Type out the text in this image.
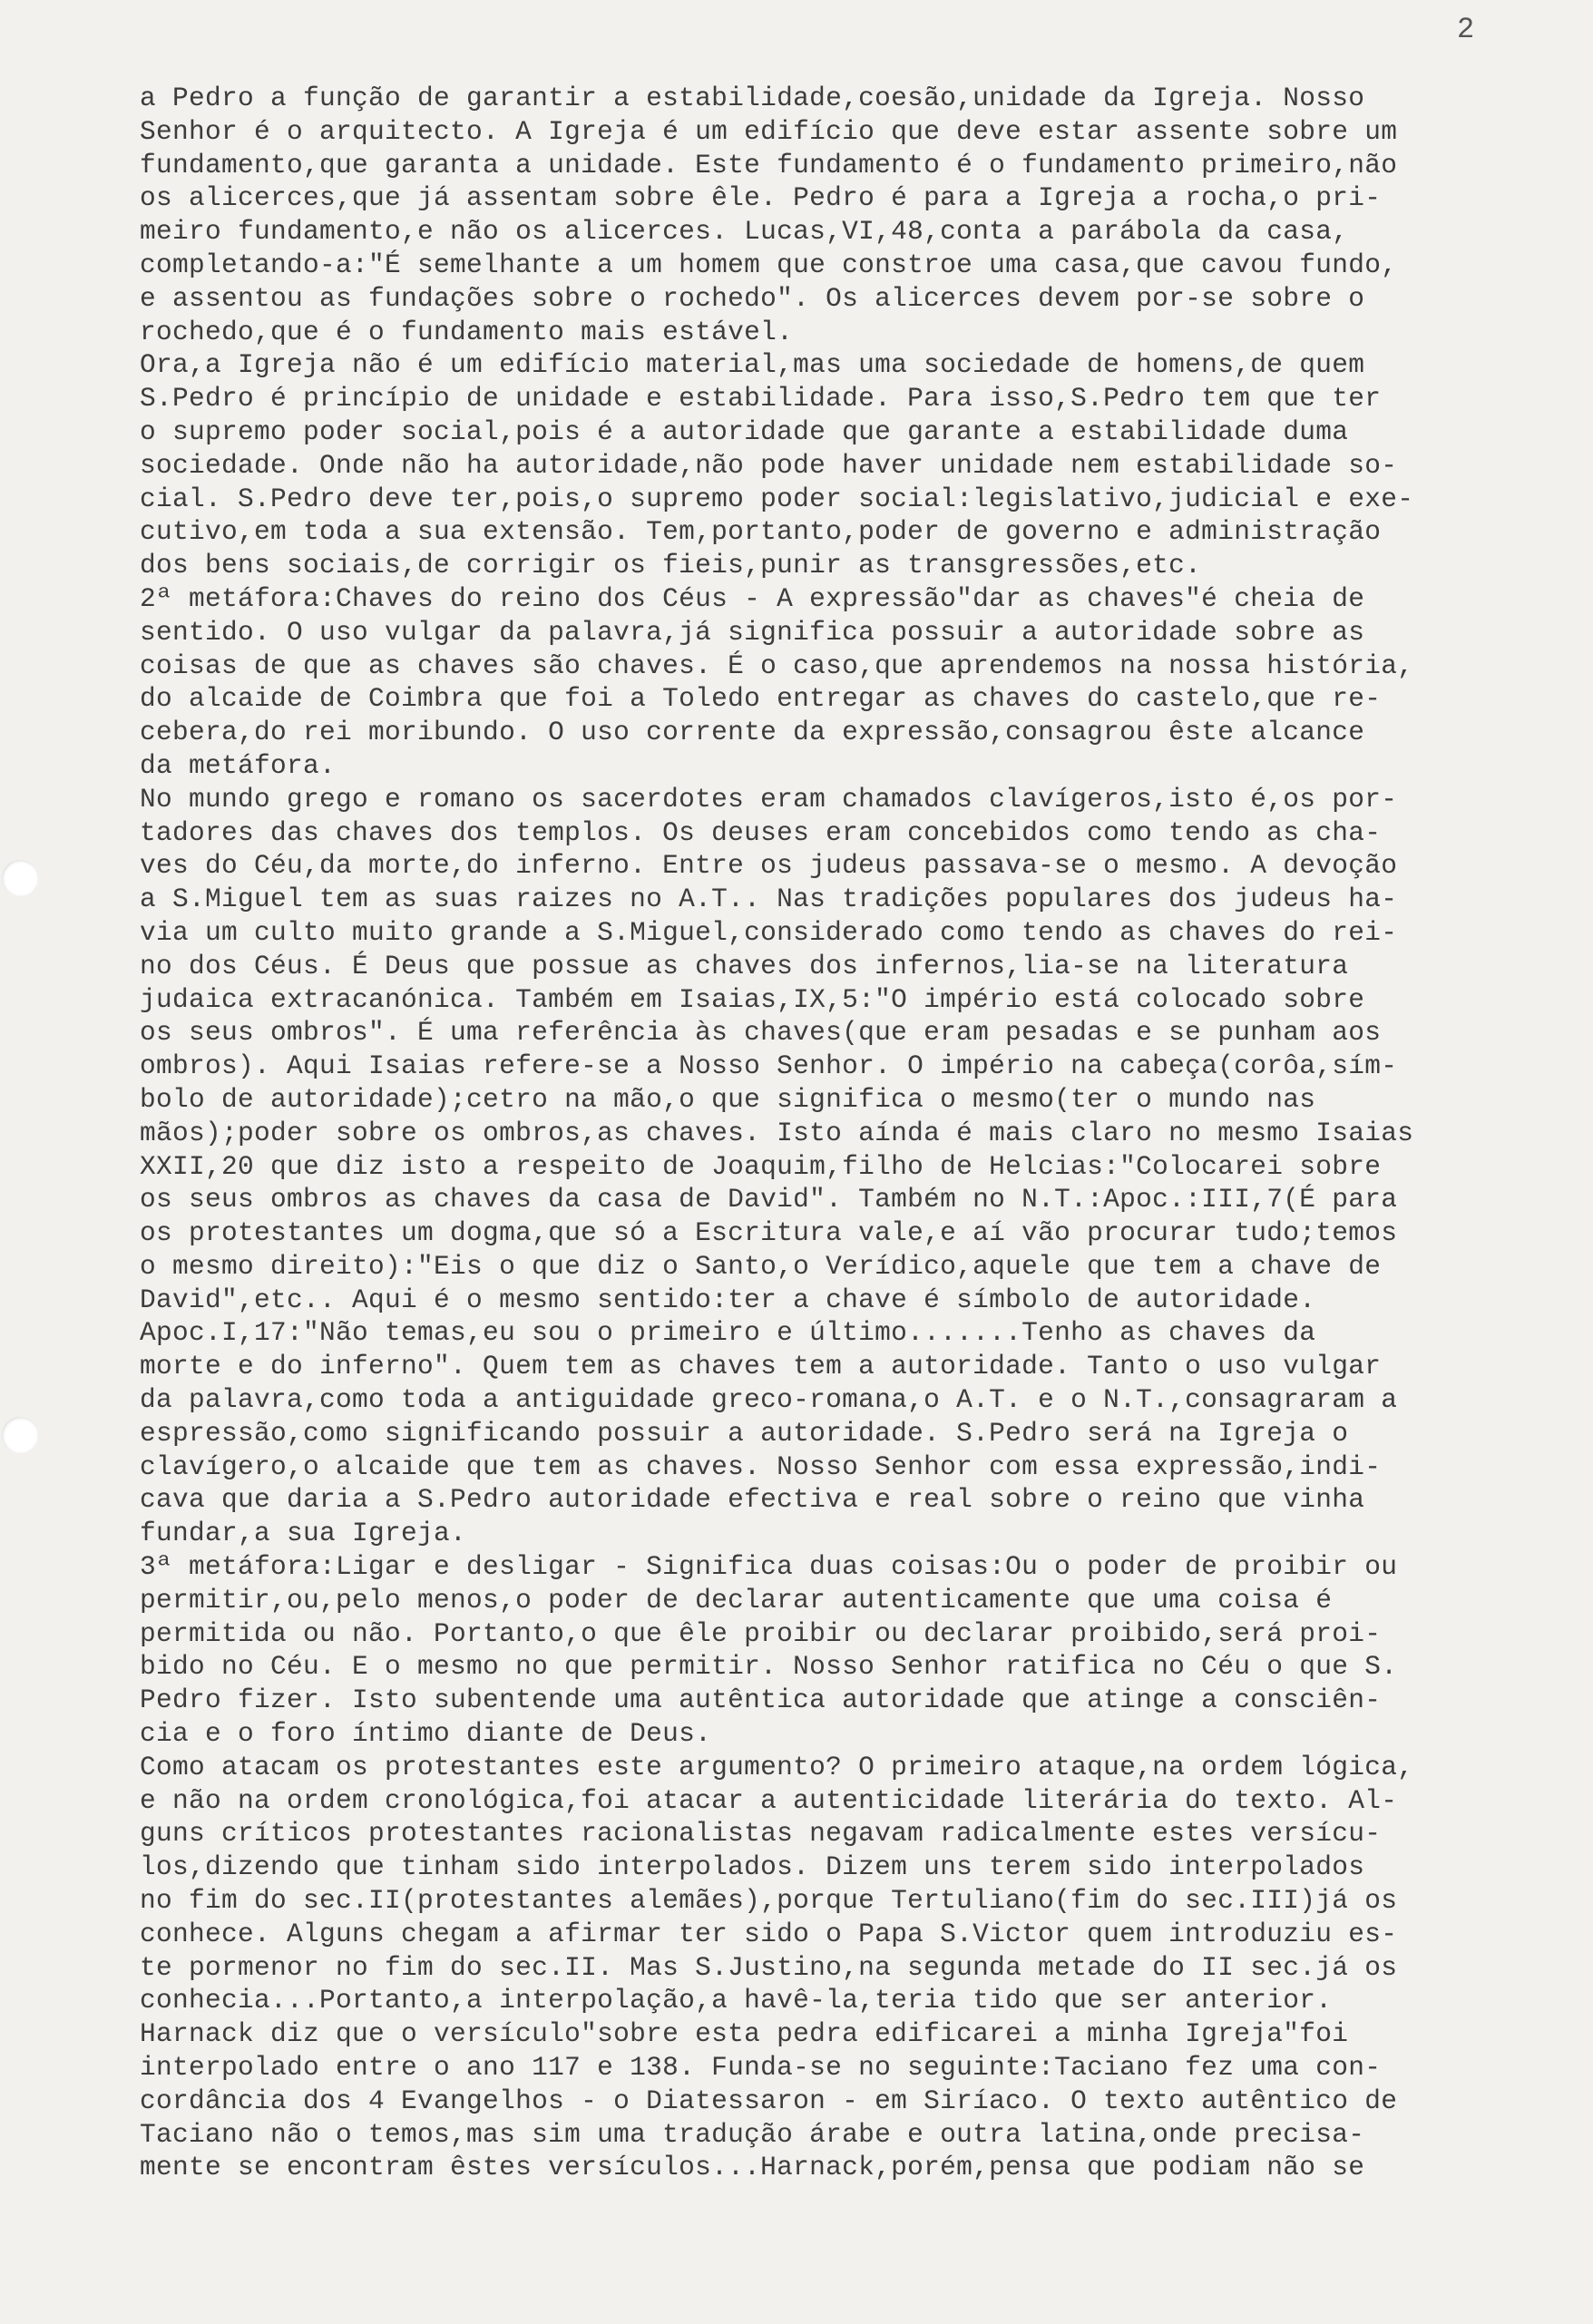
2
a Pedro a função de garantir a estabilidade,coesão,unidade da Igreja. Nosso
Senhor é o arquitecto. A Igreja é um edifício que deve estar assente sobre um
fundamento,que garanta a unidade. Este fundamento é o fundamento primeiro,não
os alicerces,que já assentam sobre êle. Pedro é para a Igreja a rocha,o pri-
meiro fundamento,e não os alicerces. Lucas,VI,48,conta a parábola da casa,
completando-a:"É semelhante a um homem que constroe uma casa,que cavou fundo,
e assentou as fundações sobre o rochedo". Os alicerces devem por-se sobre o
rochedo,que é o fundamento mais estável.
Ora,a Igreja não é um edifício material,mas uma sociedade de homens,de quem
S.Pedro é princípio de unidade e estabilidade. Para isso,S.Pedro tem que ter
o supremo poder social,pois é a autoridade que garante a estabilidade duma
sociedade. Onde não ha autoridade,não pode haver unidade nem estabilidade so-
cial. S.Pedro deve ter,pois,o supremo poder social:legislativo,judicial e exe-
cutivo,em toda a sua extensão. Tem,portanto,poder de governo e administração
dos bens sociais,de corrigir os fieis,punir as transgressões,etc.
2ª metáfora:Chaves do reino dos Céus - A expressão"dar as chaves"é cheia de
sentido. O uso vulgar da palavra,já significa possuir a autoridade sobre as
coisas de que as chaves são chaves. É o caso,que aprendemos na nossa história,
do alcaide de Coimbra que foi a Toledo entregar as chaves do castelo,que re-
cebera,do rei moribundo. O uso corrente da expressão,consagrou êste alcance
da metáfora.
No mundo grego e romano os sacerdotes eram chamados clavígeros,isto é,os por-
tadores das chaves dos templos. Os deuses eram concebidos como tendo as cha-
ves do Céu,da morte,do inferno. Entre os judeus passava-se o mesmo. A devoção
a S.Miguel tem as suas raizes no A.T.. Nas tradições populares dos judeus ha-
via um culto muito grande a S.Miguel,considerado como tendo as chaves do rei-
no dos Céus. É Deus que possue as chaves dos infernos,lia-se na literatura
judaica extracanónica. Também em Isaias,IX,5:"O império está colocado sobre
os seus ombros". É uma referência às chaves(que eram pesadas e se punham aos
ombros). Aqui Isaias refere-se a Nosso Senhor. O império na cabeça(corôa,sím-
bolo de autoridade);cetro na mão,o que significa o mesmo(ter o mundo nas
mãos);poder sobre os ombros,as chaves. Isto aínda é mais claro no mesmo Isaias
XXII,20 que diz isto a respeito de Joaquim,filho de Helcias:"Colocarei sobre
os seus ombros as chaves da casa de David". Também no N.T.:Apoc.:III,7(É para
os protestantes um dogma,que só a Escritura vale,e aí vão procurar tudo;temos
o mesmo direito):"Eis o que diz o Santo,o Verídico,aquele que tem a chave de
David",etc.. Aqui é o mesmo sentido:ter a chave é símbolo de autoridade.
Apoc.I,17:"Não temas,eu sou o primeiro e último.......Tenho as chaves da
morte e do inferno". Quem tem as chaves tem a autoridade. Tanto o uso vulgar
da palavra,como toda a antiguidade greco-romana,o A.T. e o N.T.,consagraram a
espressão,como significando possuir a autoridade. S.Pedro será na Igreja o
clavígero,o alcaide que tem as chaves. Nosso Senhor com essa expressão,indi-
cava que daria a S.Pedro autoridade efectiva e real sobre o reino que vinha
fundar,a sua Igreja.
3ª metáfora:Ligar e desligar - Significa duas coisas:Ou o poder de proibir ou
permitir,ou,pelo menos,o poder de declarar autenticamente que uma coisa é
permitida ou não. Portanto,o que êle proibir ou declarar proibido,será proi-
bido no Céu. E o mesmo no que permitir. Nosso Senhor ratifica no Céu o que S.
Pedro fizer. Isto subentende uma autêntica autoridade que atinge a consciên-
cia e o foro íntimo diante de Deus.
Como atacam os protestantes este argumento? O primeiro ataque,na ordem lógica,
e não na ordem cronológica,foi atacar a autenticidade literária do texto. Al-
guns críticos protestantes racionalistas negavam radicalmente estes versícu-
los,dizendo que tinham sido interpolados. Dizem uns terem sido interpolados
no fim do sec.II(protestantes alemães),porque Tertuliano(fim do sec.III)já os
conhece. Alguns chegam a afirmar ter sido o Papa S.Victor quem introduziu es-
te pormenor no fim do sec.II. Mas S.Justino,na segunda metade do II sec.já os
conhecia...Portanto,a interpolação,a havê-la,teria tido que ser anterior.
Harnack diz que o versículo"sobre esta pedra edificarei a minha Igreja"foi
interpolado entre o ano 117 e 138. Funda-se no seguinte:Taciano fez uma con-
cordância dos 4 Evangelhos - o Diatessaron - em Siríaco. O texto autêntico de
Taciano não o temos,mas sim uma tradução árabe e outra latina,onde precisa-
mente se encontram êstes versículos...Harnack,porém,pensa que podiam não se
